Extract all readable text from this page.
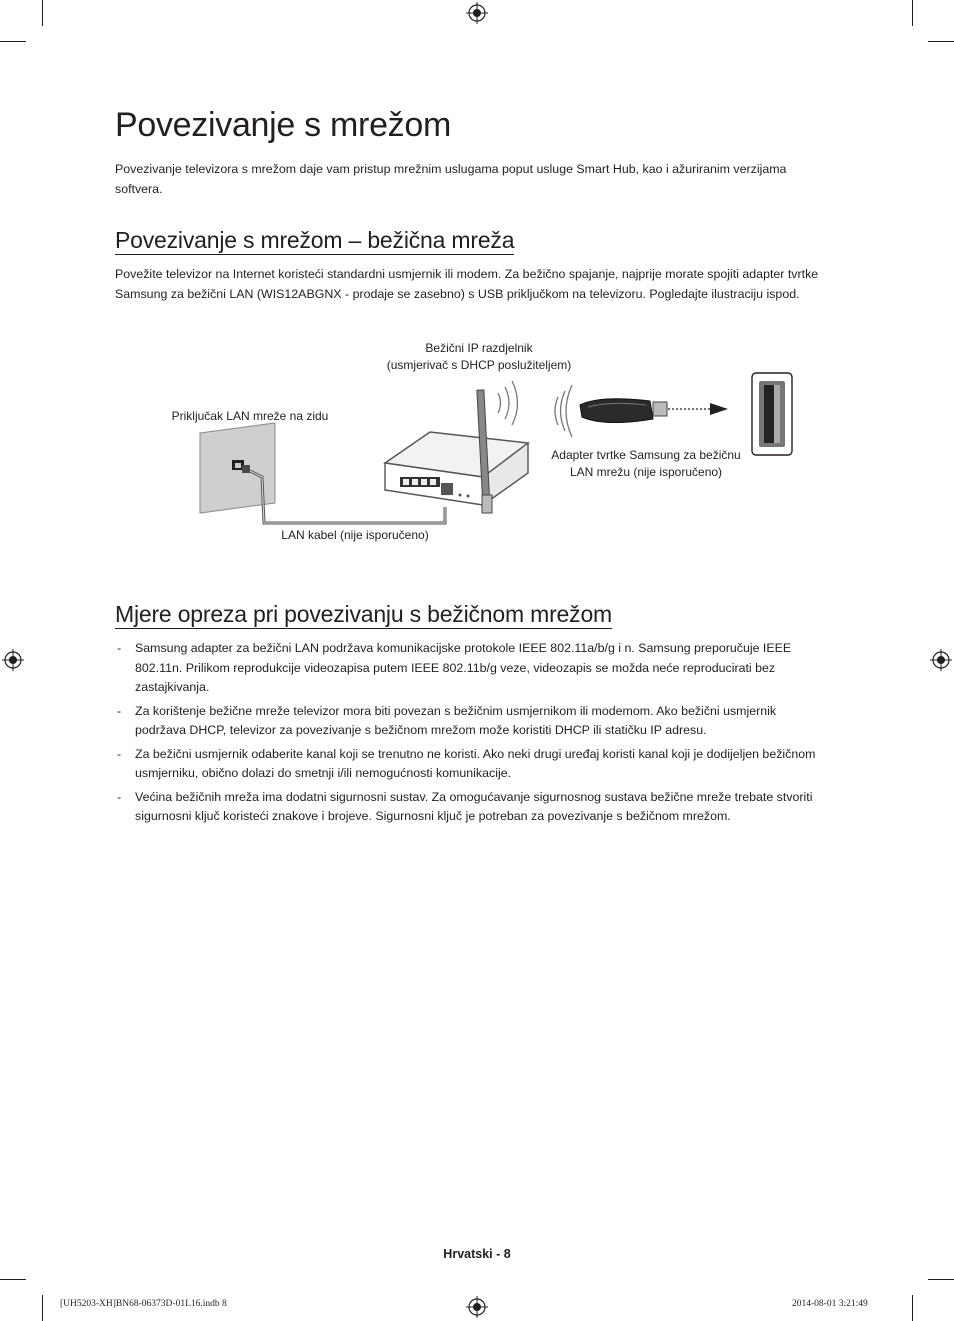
Povezivanje s mrežom

Povezivanje televizora s mrežom daje vam pristup mrežnim uslugama poput usluge Smart Hub, kao i ažuriranim verzijama softvera.

Povezivanje s mrežom – bežična mreža

Povežite televizor na Internet koristeći standardni usmjernik ili modem. Za bežično spajanje, najprije morate spojiti adapter tvrtke Samsung za bežični LAN (WIS12ABGNX - prodaje se zasebno) s USB priključkom na televizoru. Pogledajte ilustraciju ispod.

Bežični IP razdjelnik
(usmjerivač s DHCP poslužiteljem)
Priključak LAN mreže na zidu
Adapter tvrtke Samsung za bežičnu
LAN mrežu (nije isporučeno)
LAN kabel (nije isporučeno)
Mjere opreza pri povezivanju s bežičnom mrežom
- Samsung adapter za bežični LAN podržava komunikacijske protokole IEEE 802.11a/b/g i n. Samsung preporučuje IEEE 802.11n. Prilikom reprodukcije videozapisa putem IEEE 802.11b/g veze, videozapis se možda neće reproducirati bez zastajkivanja.
- Za korištenje bežične mreže televizor mora biti povezan s bežičnim usmjernikom ili modemom. Ako bežični usmjernik podržava DHCP, televizor za povezivanje s bežičnom mrežom može koristiti DHCP ili statičku IP adresu.
- Za bežični usmjernik odaberite kanal koji se trenutno ne koristi. Ako neki drugi uređaj koristi kanal koji je dodijeljen bežičnom usmjerniku, obično dolazi do smetnji i/ili nemogućnosti komunikacije.
- Većina bežičnih mreža ima dodatni sigurnosni sustav. Za omogućavanje sigurnosnog sustava bežične mreže trebate stvoriti sigurnosni ključ koristeći znakove i brojeve. Sigurnosni ključ je potreban za povezivanje s bežičnom mrežom.
Hrvatski - 8
[UH5203-XH]BN68-06373D-01L16.indb 8	2014-08-01 3:21:49
